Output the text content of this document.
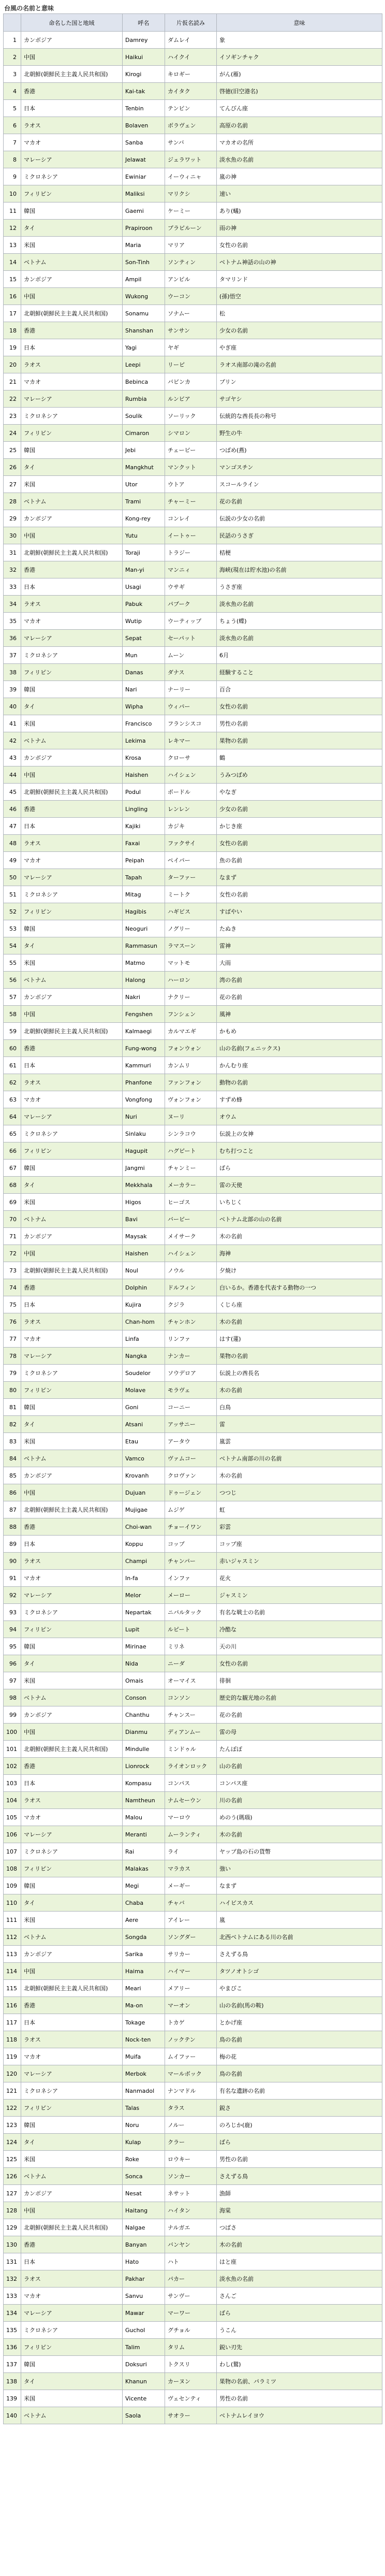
台風の名前と意味
	命名した国と地域	呼名	片仮名読み	意味
1	カンボジア	Damrey	ダムレイ	象
2	中国	Haikui	ハイクイ	イソギンチャク
3	北朝鮮(朝鮮民主主義人民共和国)	Kirogi	キロギー	がん(雁)
4	香港	Kai-tak	カイタク	啓徳(旧空港名)
5	日本	Tenbin	テンビン	てんびん座
6	ラオス	Bolaven	ボラヴェン	高原の名前
7	マカオ	Sanba	サンバ	マカオの名所
8	マレーシア	Jelawat	ジェラワット	淡水魚の名前
9	ミクロネシア	Ewiniar	イーウィニャ	嵐の神
10	フィリピン	Maliksi	マリクシ	速い
11	韓国	Gaemi	ケーミー	あり(蟻)
12	タイ	Prapiroon	プラピルーン	雨の神
13	米国	Maria	マリア	女性の名前
14	ベトナム	Son-Tinh	ソンティン	ベトナム神話の山の神
15	カンボジア	Ampil	アンピル	タマリンド
16	中国	Wukong	ウーコン	(孫)悟空
17	北朝鮮(朝鮮民主主義人民共和国)	Sonamu	ソナムー	松
18	香港	Shanshan	サンサン	少女の名前
19	日本	Yagi	ヤギ	やぎ座
20	ラオス	Leepi	リーピ	ラオス南部の滝の名前
21	マカオ	Bebinca	バビンカ	プリン
22	マレーシア	Rumbia	ルンビア	サゴヤシ
23	ミクロネシア	Soulik	ソーリック	伝統的な酋長長の称号
24	フィリピン	Cimaron	シマロン	野生の牛
25	韓国	Jebi	チェービー	つばめ(燕)
26	タイ	Mangkhut	マンクット	マンゴスチン
27	米国	Utor	ウトア	スコールライン
28	ベトナム	Trami	チャーミー	花の名前
29	カンボジア	Kong-rey	コンレイ	伝説の少女の名前
30	中国	Yutu	イートゥー	民話のうさぎ
31	北朝鮮(朝鮮民主主義人民共和国)	Toraji	トラジー	桔梗
32	香港	Man-yi	マンニィ	海峡(現在は貯水池)の名前
33	日本	Usagi	ウサギ	うさぎ座
34	ラオス	Pabuk	パブーク	淡水魚の名前
35	マカオ	Wutip	ウーティップ	ちょう(蝶)
36	マレーシア	Sepat	セーパット	淡水魚の名前
37	ミクロネシア	Mun	ムーン	6月
38	フィリピン	Danas	ダナス	経験すること
39	韓国	Nari	ナーリー	百合
40	タイ	Wipha	ウィパー	女性の名前
41	米国	Francisco	フランシスコ	男性の名前
42	ベトナム	Lekima	レキマー	果物の名前
43	カンボジア	Krosa	クローサ	鶴
44	中国	Haishen	ハイシェン	うみつばめ
45	北朝鮮(朝鮮民主主義人民共和国)	Podul	ポードル	やなぎ
46	香港	Lingling	レンレン	少女の名前
47	日本	Kajiki	カジキ	かじき座
48	ラオス	Faxai	ファクサイ	女性の名前
49	マカオ	Peipah	ペイパー	魚の名前
50	マレーシア	Tapah	ターファー	なまず
51	ミクロネシア	Mitag	ミートク	女性の名前
52	フィリピン	Hagibis	ハギビス	すばやい
53	韓国	Neoguri	ノグリー	たぬき
54	タイ	Rammasun	ラマスーン	雷神
55	米国	Matmo	マットモ	大雨
56	ベトナム	Halong	ハーロン	湾の名前
57	カンボジア	Nakri	ナクリー	花の名前
58	中国	Fengshen	フンシェン	風神
59	北朝鮮(朝鮮民主主義人民共和国)	Kalmaegi	カルマエギ	かもめ
60	香港	Fung-wong	フォンウォン	山の名前(フェニックス)
61	日本	Kammuri	カンムリ	かんむり座
62	ラオス	Phanfone	ファンフォン	動物の名前
63	マカオ	Vongfong	ヴォンフォン	すずめ蜂
64	マレーシア	Nuri	ヌーリ	オウム
65	ミクロネシア	Sinlaku	シンラコウ	伝説上の女神
66	フィリピン	Hagupit	ハグピート	むち打つこと
67	韓国	Jangmi	チャンミー	ばら
68	タイ	Mekkhala	メーカラー	雷の天使
69	米国	Higos	ヒーゴス	いちじく
70	ベトナム	Bavi	バービー	ベトナム北部の山の名前
71	カンボジア	Maysak	メイサーク	木の名前
72	中国	Haishen	ハイシェン	海神
73	北朝鮮(朝鮮民主主義人民共和国)	Noul	ノウル	夕焼け
74	香港	Dolphin	ドルフィン	白いるか。香港を代表する動物の一つ
75	日本	Kujira	クジラ	くじら座
76	ラオス	Chan-hom	チャンホン	木の名前
77	マカオ	Linfa	リンファ	はす(蓮)
78	マレーシア	Nangka	ナンカー	果物の名前
79	ミクロネシア	Soudelor	ソウデロア	伝説上の酋長名
80	フィリピン	Molave	モラヴェ	木の名前
81	韓国	Goni	コーニー	白鳥
82	タイ	Atsani	アッサニー	雷
83	米国	Etau	アータウ	嵐雲
84	ベトナム	Vamco	ヴァムコー	ベトナム南部の川の名前
85	カンボジア	Krovanh	クロヴァン	木の名前
86	中国	Dujuan	ドゥージェン	つつじ
87	北朝鮮(朝鮮民主主義人民共和国)	Mujigae	ムジゲ	虹
88	香港	Choi-wan	チョーイワン	彩雲
89	日本	Koppu	コップ	コップ座
90	ラオス	Champi	チャンパー	赤いジャスミン
91	マカオ	In-fa	インファ	花火
92	マレーシア	Melor	メーロー	ジャスミン
93	ミクロネシア	Nepartak	ニパルタック	有名な戦士の名前
94	フィリピン	Lupit	ルピート	冷酷な
95	韓国	Mirinae	ミリネ	天の川
96	タイ	Nida	ニーダ	女性の名前
97	米国	Omais	オーマイス	徘徊
98	ベトナム	Conson	コンソン	歴史的な観光地の名前
99	カンボジア	Chanthu	チャンスー	花の名前
100	中国	Dianmu	ディアンムー	雷の母
101	北朝鮮(朝鮮民主主義人民共和国)	Mindulle	ミンドゥル	たんぽぽ
102	香港	Lionrock	ライオンロック	山の名前
103	日本	Kompasu	コンパス	コンパス座
104	ラオス	Namtheun	ナムセーウン	川の名前
105	マカオ	Malou	マーロウ	めのう(瑪瑙)
106	マレーシア	Meranti	ムーランティ	木の名前
107	ミクロネシア	Rai	ライ	ヤップ島の石の貨幣
108	フィリピン	Malakas	マラカス	強い
109	韓国	Megi	メーギー	なまず
110	タイ	Chaba	チャバ	ハイビスカス
111	米国	Aere	アイレー	嵐
112	ベトナム	Songda	ソングダー	北西ベトナムにある川の名前
113	カンボジア	Sarika	サリカー	さえずる鳥
114	中国	Haima	ハイマー	タツノオトシゴ
115	北朝鮮(朝鮮民主主義人民共和国)	Meari	メアリー	やまびこ
116	香港	Ma-on	マーオン	山の名前(馬の鞍)
117	日本	Tokage	トカゲ	とかげ座
118	ラオス	Nock-ten	ノックテン	鳥の名前
119	マカオ	Muifa	ムイファー	梅の花
120	マレーシア	Merbok	マールボック	鳥の名前
121	ミクロネシア	Nanmadol	ナンマドル	有名な遺跡の名前
122	フィリピン	Talas	タラス	鋭さ
123	韓国	Noru	ノルー	のろじか(鹿)
124	タイ	Kulap	クラー	ばら
125	米国	Roke	ロウキー	男性の名前
126	ベトナム	Sonca	ソンカー	さえずる鳥
127	カンボジア	Nesat	ネサット	漁師
128	中国	Haitang	ハイタン	海棠
129	北朝鮮(朝鮮民主主義人民共和国)	Nalgae	ナルガエ	つばさ
130	香港	Banyan	バンヤン	木の名前
131	日本	Hato	ハト	はと座
132	ラオス	Pakhar	パカー	淡水魚の名前
133	マカオ	Sanvu	サンヴー	さんご
134	マレーシア	Mawar	マーワー	ばら
135	ミクロネシア	Guchol	グチョル	うこん
136	フィリピン	Talim	タリム	鋭い刃先
137	韓国	Doksuri	トクスリ	わし(鷲)
138	タイ	Khanun	カーヌン	果物の名前、パラミツ
139	米国	Vicente	ヴェセンティ	男性の名前
140	ベトナム	Saola	サオラー	ベトナムレイヨウ
